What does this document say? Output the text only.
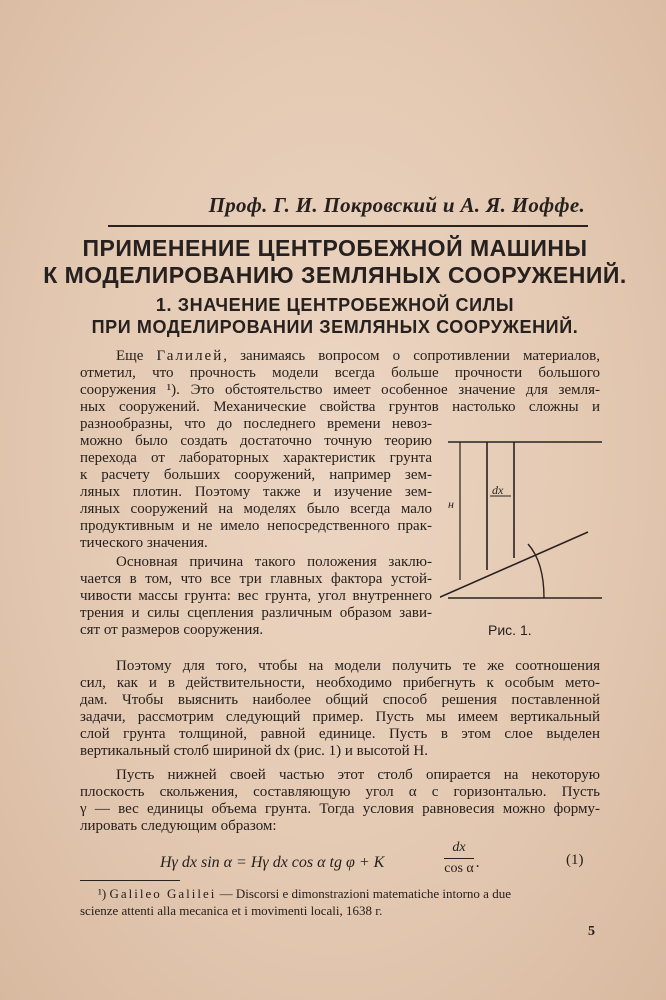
Проф. Г. И. Покровский и А. Я. Иоффе.
ПРИМЕНЕНИЕ ЦЕНТРОБЕЖНОЙ МАШИНЫ
К МОДЕЛИРОВАНИЮ ЗЕМЛЯНЫХ СООРУЖЕНИЙ.
1. ЗНАЧЕНИЕ ЦЕНТРОБЕЖНОЙ СИЛЫ
ПРИ МОДЕЛИРОВАНИИ ЗЕМЛЯНЫХ СООРУЖЕНИЙ.
Еще Галилей, занимаясь вопросом о сопротивлении материалов,
отметил, что прочность модели всегда больше прочности большого
сооружения ¹). Это обстоятельство имеет особенное значение для земля-
ных сооружений. Механические свойства грунтов настолько сложны и
разнообразны, что до последнего времени невоз-
можно было создать достаточно точную теорию
перехода от лабораторных характеристик грунта
к расчету больших сооружений, например зем-
ляных плотин. Поэтому также и изучение зем-
ляных сооружений на моделях было всегда мало
продуктивным и не имело непосредственного прак-
тического значения.
Основная причина такого положения заклю-
чается в том, что все три главных фактора устой-
чивости массы грунта: вес грунта, угол внутреннего
трения и силы сцепления различным образом зави-
сят от размеров сооружения.
н
dx
Рис. 1.
Поэтому для того, чтобы на модели получить те же соотношения
сил, как и в действительности, необходимо прибегнуть к особым мето-
дам. Чтобы выяснить наиболее общий способ решения поставленной
задачи, рассмотрим следующий пример. Пусть мы имеем вертикальный
слой грунта толщиной, равной единице. Пусть в этом слое выделен
вертикальный столб шириной dx (рис. 1) и высотой H.
Пусть нижней своей частью этот столб опирается на некоторую
плоскость скольжения, составляющую угол α с горизонталью. Пусть
γ — вес единицы объема грунта. Тогда условия равновесия можно форму-
лировать следующим образом:
Hγ dx sin α = Hγ dx cos α tg φ + K
dx
cos α .	(1)
¹) Galileo Galilei — Discorsi e dimonstrazioni matematiche intorno a due
scienze attenti alla mecanica et i movimenti locali, 1638 г.
5
